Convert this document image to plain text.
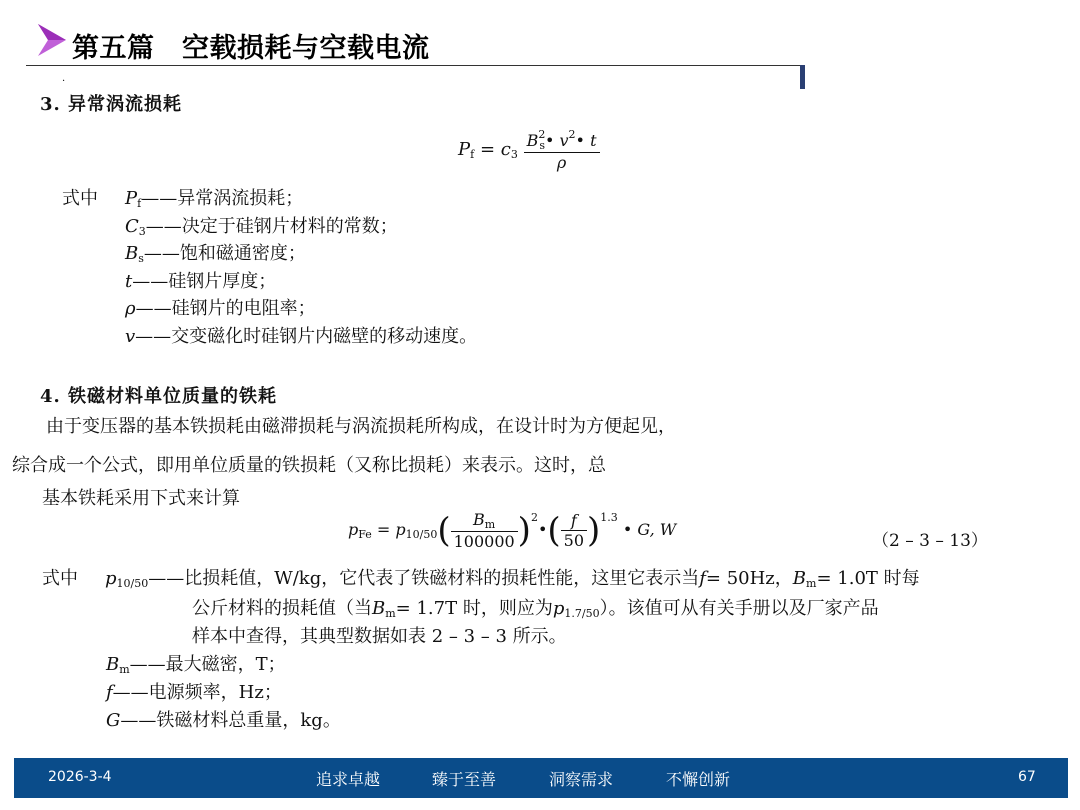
第五篇　空载损耗与空载电流
·
3. 异常涡流损耗
$P_f = c_3 \frac{B^2_s• v^2• t}{\rho}$
式中 $P_f——$异常涡流损耗；
$C_3——$决定于硅钢片材料的常数；
$B_s——$饱和磁通密度；
t——硅钢片厚度；
ρ——硅钢片的电阻率；
v——交变磁化时硅钢片内磁壁的移动速度。
4. 铁磁材料单位质量的铁耗
由于变压器的基本铁损耗由磁滞损耗与涡流损耗所构成，在设计时为方便起见，
综合成一个公式，即用单位质量的铁损耗（又称比损耗）来表示。这时，总
基本铁耗采用下式来计算
$p_{Fe} = p_{10/50}( \frac{B_m}{100000}$ )$^2•( \frac{f}{50} )^{1.3}$ • G, W
（2 – 3 – 13）
式中 $p_{10/50}——$比损耗值，W/kg，它代表了铁磁材料的损耗性能，这里它表示当f= 50Hz，$B_m= 1.0T$ 时每
公斤材料的损耗值（当$B_m= 1.7T$ 时，则应为$p_{1.7/50}$）。该值可从有关手册以及厂家产品
样本中查得，其典型数据如表 2 – 3 – 3 所示。
$B_m——$最大磁密，T；
f——电源频率，Hz；
G——铁磁材料总重量，kg。
2026-3-4	追求卓越	臻于至善	洞察需求	不懈创新	67
